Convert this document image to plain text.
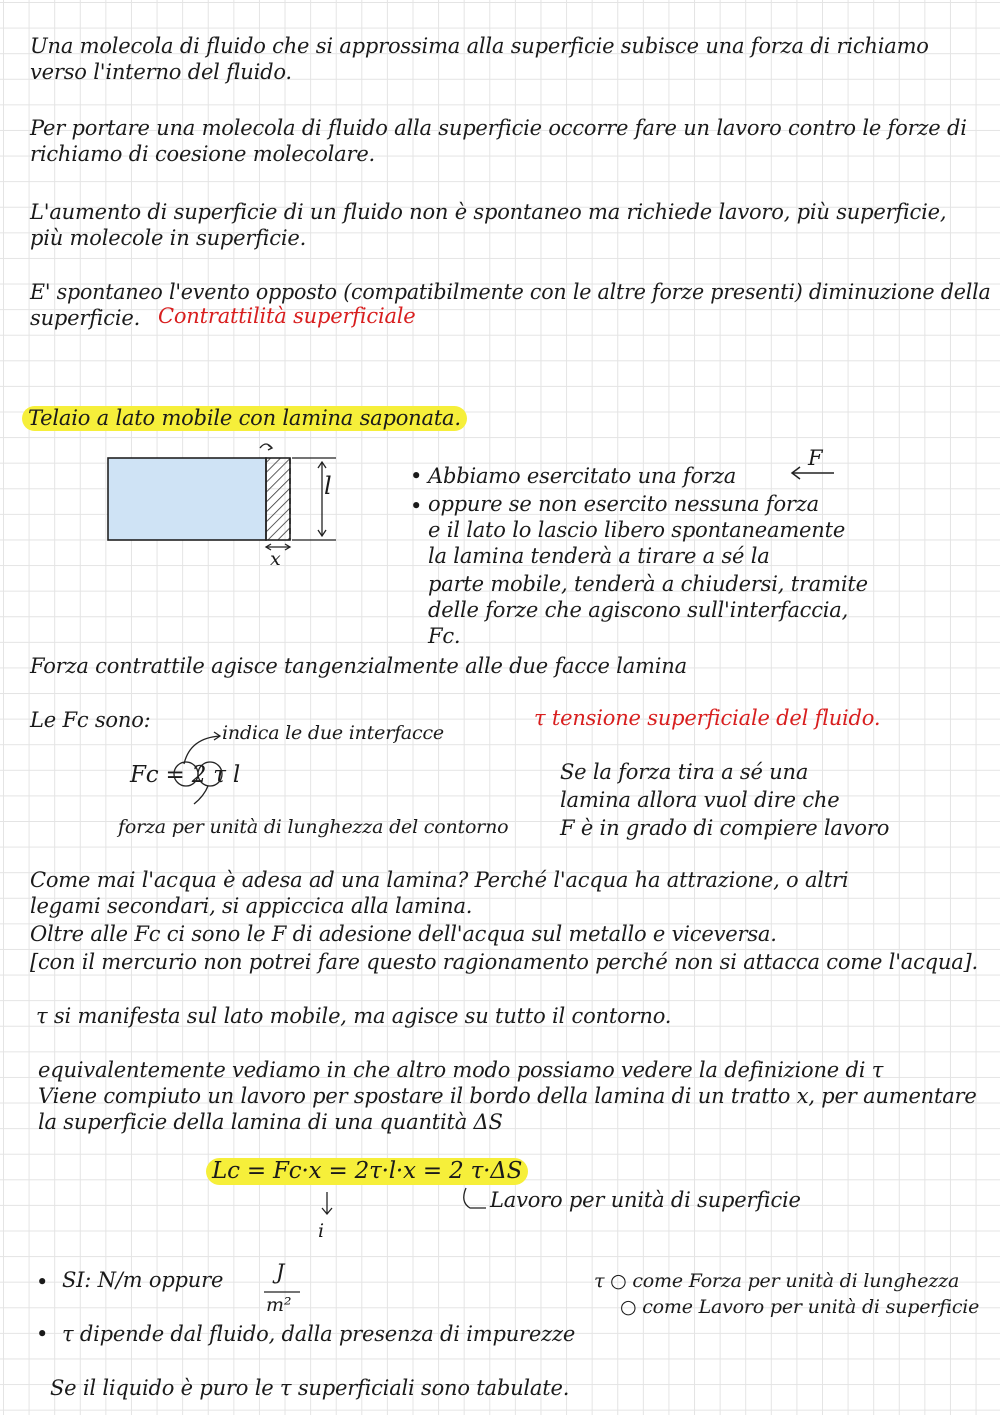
Una molecola di fluido che si approssima alla superficie subisce una forza di richiamo
verso l'interno del fluido.
Per portare una molecola di fluido alla superficie occorre fare un lavoro contro le forze di
richiamo di coesione molecolare.
L'aumento di superficie di un fluido non è spontaneo ma richiede lavoro, più superficie,
più molecole in superficie.
E' spontaneo l'evento opposto (compatibilmente con le altre forze presenti) diminuzione della
superficie. Contrattilità superficiale
Telaio a lato mobile con lamina saponata.
l
x
• Abbiamo esercitato una forza
F
• oppure se non esercito nessuna forza
e il lato lo lascio libero spontaneamente
la lamina tenderà a tirare a sé la
parte mobile, tenderà a chiudersi, tramite
delle forze che agiscono sull'interfaccia,
Fc.
Forza contrattile agisce tangenzialmente alle due facce lamina
Le Fc sono:
indica le due interfacce
Fc = 2 τ l
forza per unità di lunghezza del contorno
τ tensione superficiale del fluido.
Se la forza tira a sé una
lamina allora vuol dire che
F è in grado di compiere lavoro
Come mai l'acqua è adesa ad una lamina? Perché l'acqua ha attrazione, o altri
legami secondari, si appiccica alla lamina.
Oltre alle Fc ci sono le F di adesione dell'acqua sul metallo e viceversa.
[con il mercurio non potrei fare questo ragionamento perché non si attacca come l'acqua].
τ si manifesta sul lato mobile, ma agisce su tutto il contorno.
equivalentemente vediamo in che altro modo possiamo vedere la definizione di τ
Viene compiuto un lavoro per spostare il bordo della lamina di un tratto x, per aumentare
la superficie della lamina di una quantità ΔS
Lc = Fc·x = 2τ·l·x = 2 τ·ΔS
i
Lavoro per unità di superficie
• SI: N/m oppure	J
m²
τ ○ come Forza per unità di lunghezza
○ come Lavoro per unità di superficie
• τ dipende dal fluido, dalla presenza di impurezze
Se il liquido è puro le τ superficiali sono tabulate.
